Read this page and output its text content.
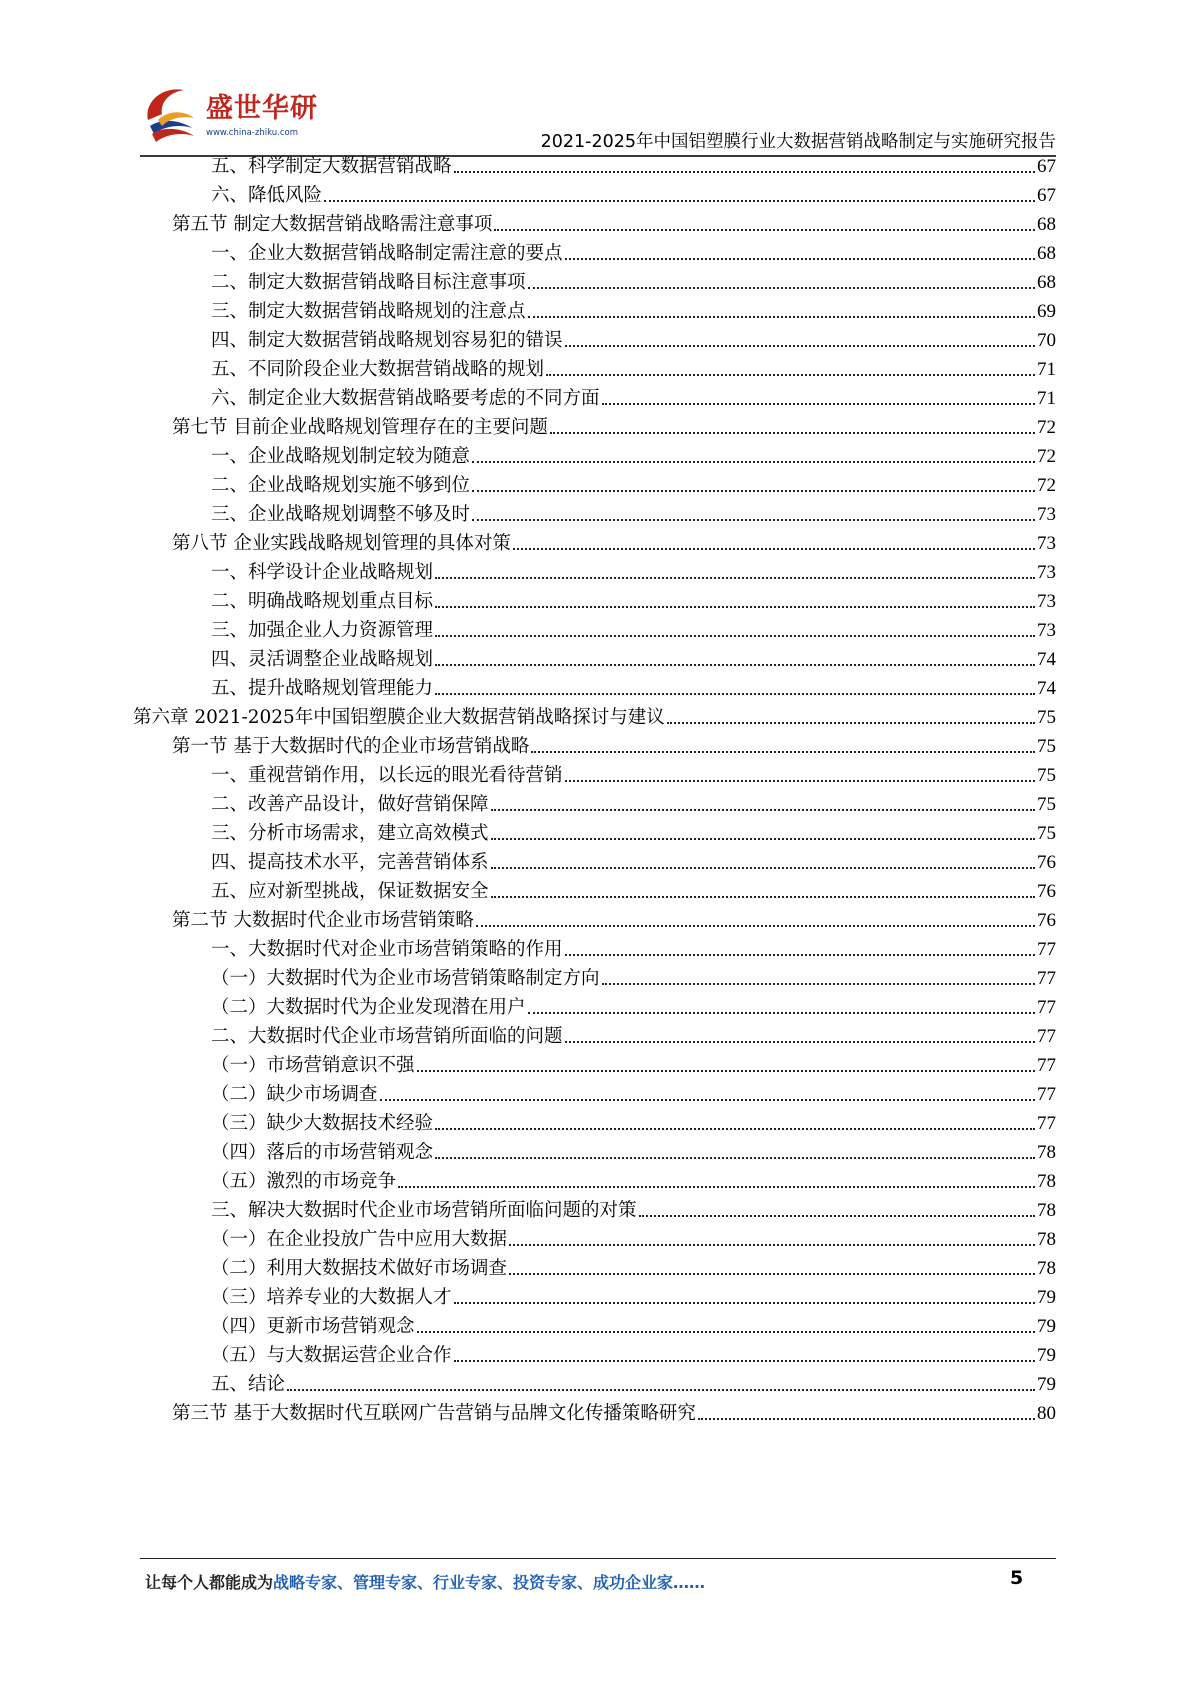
盛世华研
www.china-zhiku.com	2021-2025年中国铝塑膜行业大数据营销战略制定与实施研究报告
五、科学制定大数据营销战略	67
六、降低风险	67
第五节 制定大数据营销战略需注意事项	68
一、企业大数据营销战略制定需注意的要点	68
二、制定大数据营销战略目标注意事项	68
三、制定大数据营销战略规划的注意点	69
四、制定大数据营销战略规划容易犯的错误	70
五、不同阶段企业大数据营销战略的规划	71
六、制定企业大数据营销战略要考虑的不同方面	71
第七节 目前企业战略规划管理存在的主要问题	72
一、企业战略规划制定较为随意	72
二、企业战略规划实施不够到位	72
三、企业战略规划调整不够及时	73
第八节 企业实践战略规划管理的具体对策	73
一、科学设计企业战略规划	73
二、明确战略规划重点目标	73
三、加强企业人力资源管理	73
四、灵活调整企业战略规划	74
五、提升战略规划管理能力	74
第六章 2021-2025年中国铝塑膜企业大数据营销战略探讨与建议	75
第一节 基于大数据时代的企业市场营销战略	75
一、重视营销作用，以长远的眼光看待营销	75
二、改善产品设计，做好营销保障	75
三、分析市场需求，建立高效模式	75
四、提高技术水平，完善营销体系	76
五、应对新型挑战，保证数据安全	76
第二节 大数据时代企业市场营销策略	76
一、大数据时代对企业市场营销策略的作用	77
（一）大数据时代为企业市场营销策略制定方向	77
（二）大数据时代为企业发现潜在用户	77
二、大数据时代企业市场营销所面临的问题	77
（一）市场营销意识不强	77
（二）缺少市场调查	77
（三）缺少大数据技术经验	77
（四）落后的市场营销观念	78
（五）激烈的市场竞争	78
三、解决大数据时代企业市场营销所面临问题的对策	78
（一）在企业投放广告中应用大数据	78
（二）利用大数据技术做好市场调查	78
（三）培养专业的大数据人才	79
（四）更新市场营销观念	79
（五）与大数据运营企业合作	79
五、结论	79
第三节 基于大数据时代互联网广告营销与品牌文化传播策略研究	80
让每个人都能成为战略专家、管理专家、行业专家、投资专家、成功企业家……	5
